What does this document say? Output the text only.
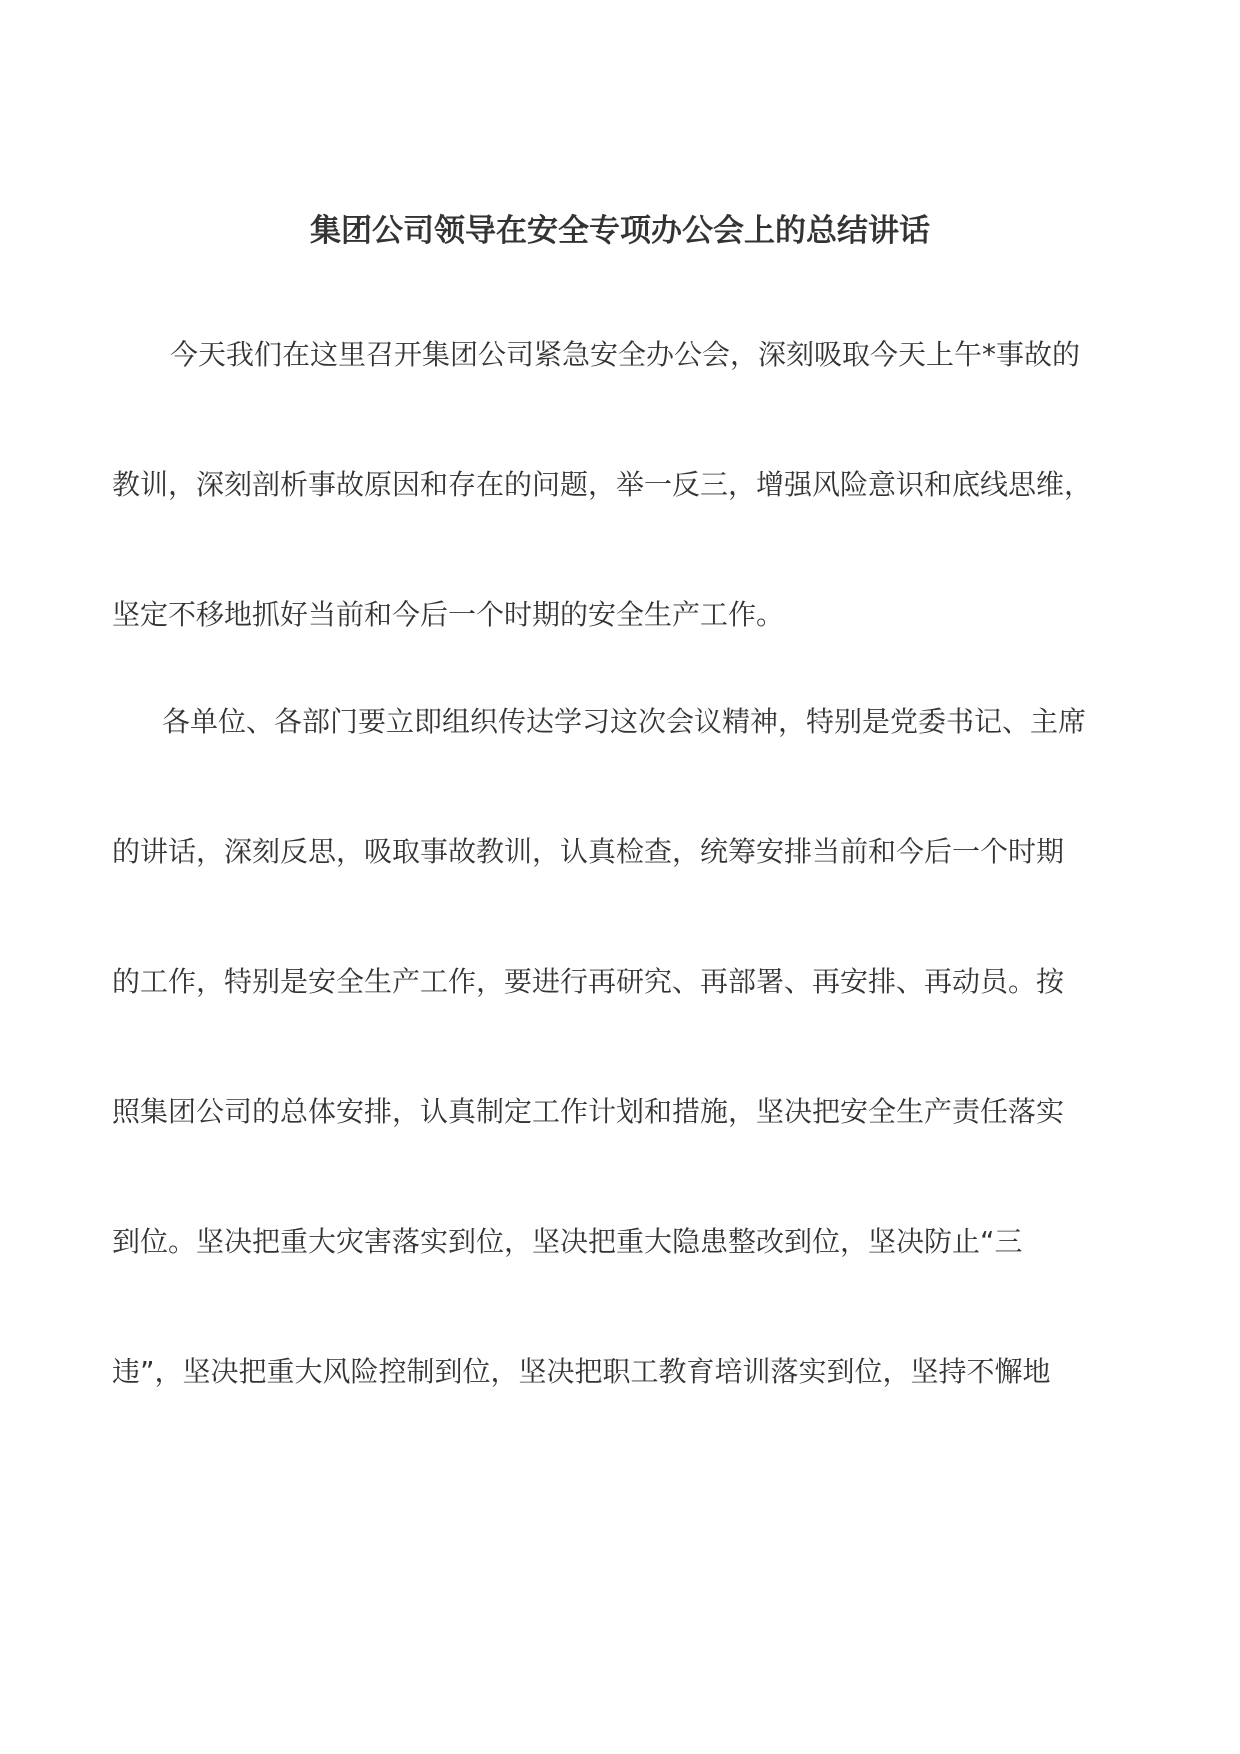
集团公司领导在安全专项办公会上的总结讲话
今天我们在这里召开集团公司紧急安全办公会，深刻吸取今天上午*事故的
教训，深刻剖析事故原因和存在的问题，举一反三，增强风险意识和底线思维，
坚定不移地抓好当前和今后一个时期的安全生产工作。
各单位、各部门要立即组织传达学习这次会议精神，特别是党委书记、主席
的讲话，深刻反思，吸取事故教训，认真检查，统筹安排当前和今后一个时期
的工作，特别是安全生产工作，要进行再研究、再部署、再安排、再动员。按
照集团公司的总体安排，认真制定工作计划和措施，坚决把安全生产责任落实
到位。坚决把重大灾害落实到位，坚决把重大隐患整改到位，坚决防止“三
违”，坚决把重大风险控制到位，坚决把职工教育培训落实到位，坚持不懈地
